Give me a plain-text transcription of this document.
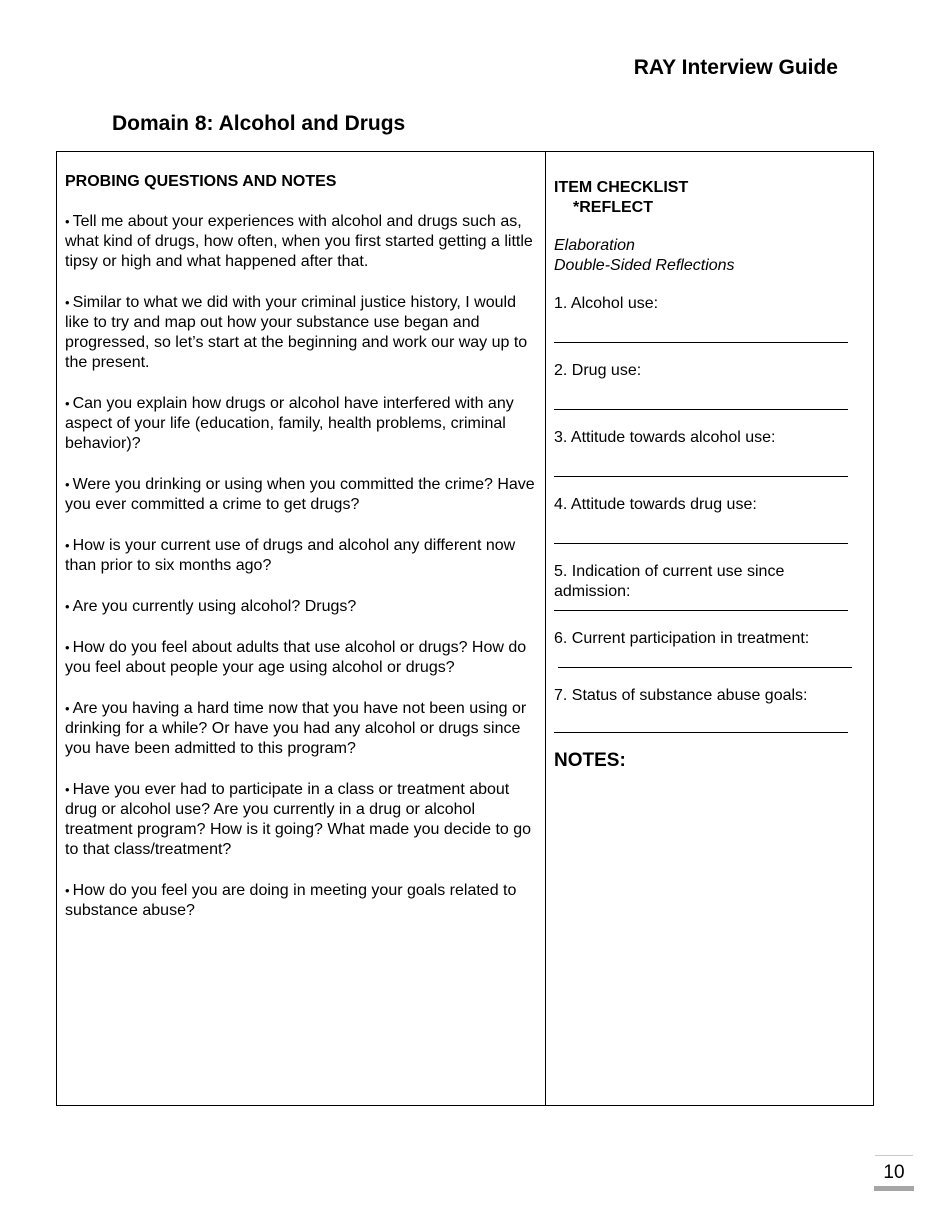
RAY Interview Guide
Domain 8: Alcohol and Drugs

PROBING QUESTIONS AND NOTES

• Tell me about your experiences with alcohol and drugs such as, what kind of drugs, how often, when you first started getting a little tipsy or high and what happened after that.

• Similar to what we did with your criminal justice history, I would like to try and map out how your substance use began and progressed, so let’s start at the beginning and work our way up to the present.

• Can you explain how drugs or alcohol have interfered with any aspect of your life (education, family, health problems, criminal behavior)?

• Were you drinking or using when you committed the crime? Have you ever committed a crime to get drugs?

• How is your current use of drugs and alcohol any different now than prior to six months ago?

• Are you currently using alcohol? Drugs?

• How do you feel about adults that use alcohol or drugs? How do you feel about people your age using alcohol or drugs?

• Are you having a hard time now that you have not been using or drinking for a while? Or have you had any alcohol or drugs since you have been admitted to this program?

• Have you ever had to participate in a class or treatment about drug or alcohol use? Are you currently in a drug or alcohol treatment program? How is it going? What made you decide to go to that class/treatment?

• How do you feel you are doing in meeting your goals related to substance abuse?

ITEM CHECKLIST

*REFLECT

Elaboration

Double-Sided Reflections

1. Alcohol use:

2. Drug use:

3. Attitude towards alcohol use:

4. Attitude towards drug use:

5. Indication of current use since admission:

6. Current participation in treatment:

7. Status of substance abuse goals:

NOTES:

10
